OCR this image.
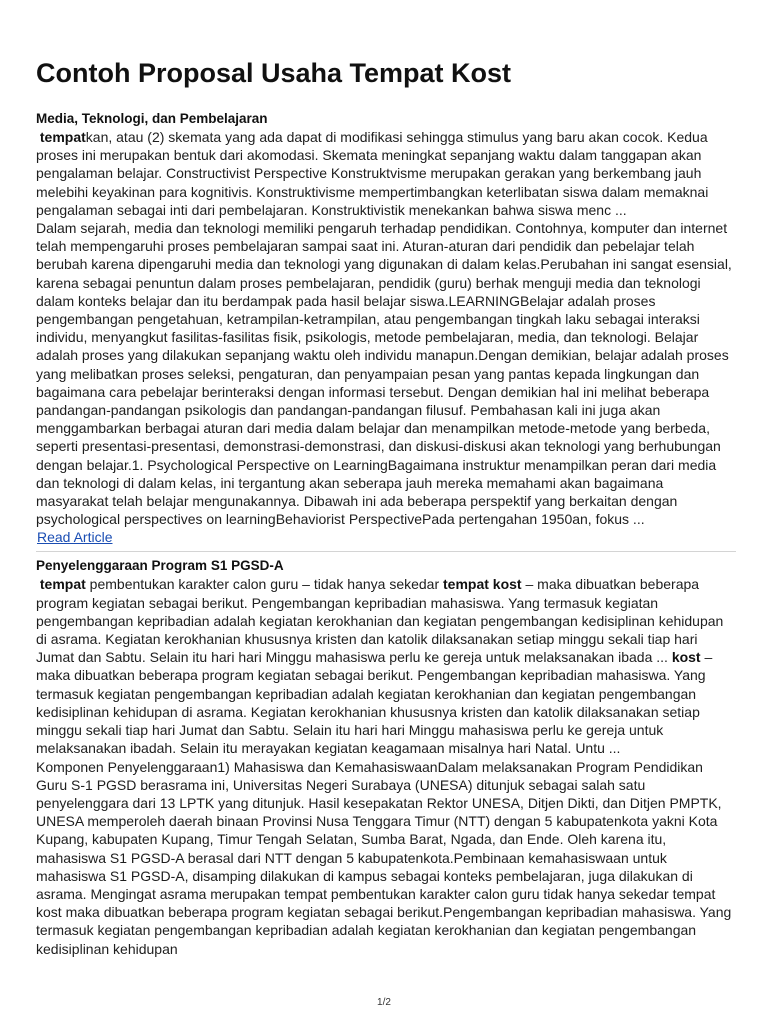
Contoh Proposal Usaha Tempat Kost

Media, Teknologi, dan Pembelajaran

tempatkan, atau (2) skemata yang ada dapat di modifikasi sehingga stimulus yang baru akan cocok. Kedua proses ini merupakan bentuk dari akomodasi. Skemata meningkat sepanjang waktu dalam tanggapan akan pengalaman belajar. Constructivist Perspective Konstruktvisme merupakan gerakan yang berkembang jauh melebihi keyakinan para kognitivis. Konstruktivisme mempertimbangkan keterlibatan siswa dalam memaknai pengalaman sebagai inti dari pembelajaran. Konstruktivistik menekankan bahwa siswa menc ...

Dalam sejarah, media dan teknologi memiliki pengaruh terhadap pendidikan. Contohnya, komputer dan internet telah mempengaruhi proses pembelajaran sampai saat ini. Aturan-aturan dari pendidik dan pebelajar telah berubah karena dipengaruhi media dan teknologi yang digunakan di dalam kelas.Perubahan ini sangat esensial, karena sebagai penuntun dalam proses pembelajaran, pendidik (guru) berhak menguji media dan teknologi dalam konteks belajar dan itu berdampak pada hasil belajar siswa.LEARNINGBelajar adalah proses pengembangan pengetahuan, ketrampilan-ketrampilan, atau pengembangan tingkah laku sebagai interaksi individu, menyangkut fasilitas-fasilitas fisik, psikologis, metode pembelajaran, media, dan teknologi. Belajar adalah proses yang dilakukan sepanjang waktu oleh individu manapun.Dengan demikian, belajar adalah proses yang melibatkan proses seleksi, pengaturan, dan penyampaian pesan yang pantas kepada lingkungan dan bagaimana cara pebelajar berinteraksi dengan informasi tersebut. Dengan demikian hal ini melihat beberapa pandangan-pandangan psikologis dan pandangan-pandangan filusuf. Pembahasan kali ini juga akan menggambarkan berbagai aturan dari media dalam belajar dan menampilkan metode-metode yang berbeda, seperti presentasi-presentasi, demonstrasi-demonstrasi, dan diskusi-diskusi akan teknologi yang berhubungan dengan belajar.1. Psychological Perspective on LearningBagaimana instruktur menampilkan peran dari media dan teknologi di dalam kelas, ini tergantung akan seberapa jauh mereka memahami akan bagaimana masyarakat telah belajar mengunakannya. Dibawah ini ada beberapa perspektif yang berkaitan dengan psychological perspectives on learningBehaviorist PerspectivePada pertengahan 1950an, fokus ...

Read Article

Penyelenggaraan Program S1 PGSD-A

tempat pembentukan karakter calon guru – tidak hanya sekedar tempat kost – maka dibuatkan beberapa program kegiatan sebagai berikut. Pengembangan kepribadian mahasiswa. Yang termasuk kegiatan pengembangan kepribadian adalah kegiatan kerokhanian dan kegiatan pengembangan kedisiplinan kehidupan di asrama. Kegiatan kerokhanian khususnya kristen dan katolik dilaksanakan setiap minggu sekali tiap hari Jumat dan Sabtu. Selain itu hari hari Minggu mahasiswa perlu ke gereja untuk melaksanakan ibada ... kost – maka dibuatkan beberapa program kegiatan sebagai berikut. Pengembangan kepribadian mahasiswa. Yang termasuk kegiatan pengembangan kepribadian adalah kegiatan kerokhanian dan kegiatan pengembangan kedisiplinan kehidupan di asrama. Kegiatan kerokhanian khususnya kristen dan katolik dilaksanakan setiap minggu sekali tiap hari Jumat dan Sabtu. Selain itu hari hari Minggu mahasiswa perlu ke gereja untuk melaksanakan ibadah. Selain itu merayakan kegiatan keagamaan misalnya hari Natal. Untu ...

Komponen Penyelenggaraan1) Mahasiswa dan KemahasiswaanDalam melaksanakan Program Pendidikan Guru S-1 PGSD berasrama ini, Universitas Negeri Surabaya (UNESA) ditunjuk sebagai salah satu penyelenggara dari 13 LPTK yang ditunjuk. Hasil kesepakatan Rektor UNESA, Ditjen Dikti, dan Ditjen PMPTK, UNESA memperoleh daerah binaan Provinsi Nusa Tenggara Timur (NTT) dengan 5 kabupatenkota yakni Kota Kupang, kabupaten Kupang, Timur Tengah Selatan, Sumba Barat, Ngada, dan Ende. Oleh karena itu, mahasiswa S1 PGSD-A berasal dari NTT dengan 5 kabupatenkota.Pembinaan kemahasiswaan untuk mahasiswa S1 PGSD-A, disamping dilakukan di kampus sebagai konteks pembelajaran, juga dilakukan di asrama. Mengingat asrama merupakan tempat pembentukan karakter calon guru tidak hanya sekedar tempat kost maka dibuatkan beberapa program kegiatan sebagai berikut.Pengembangan kepribadian mahasiswa. Yang termasuk kegiatan pengembangan kepribadian adalah kegiatan kerokhanian dan kegiatan pengembangan kedisiplinan kehidupan

1/2
